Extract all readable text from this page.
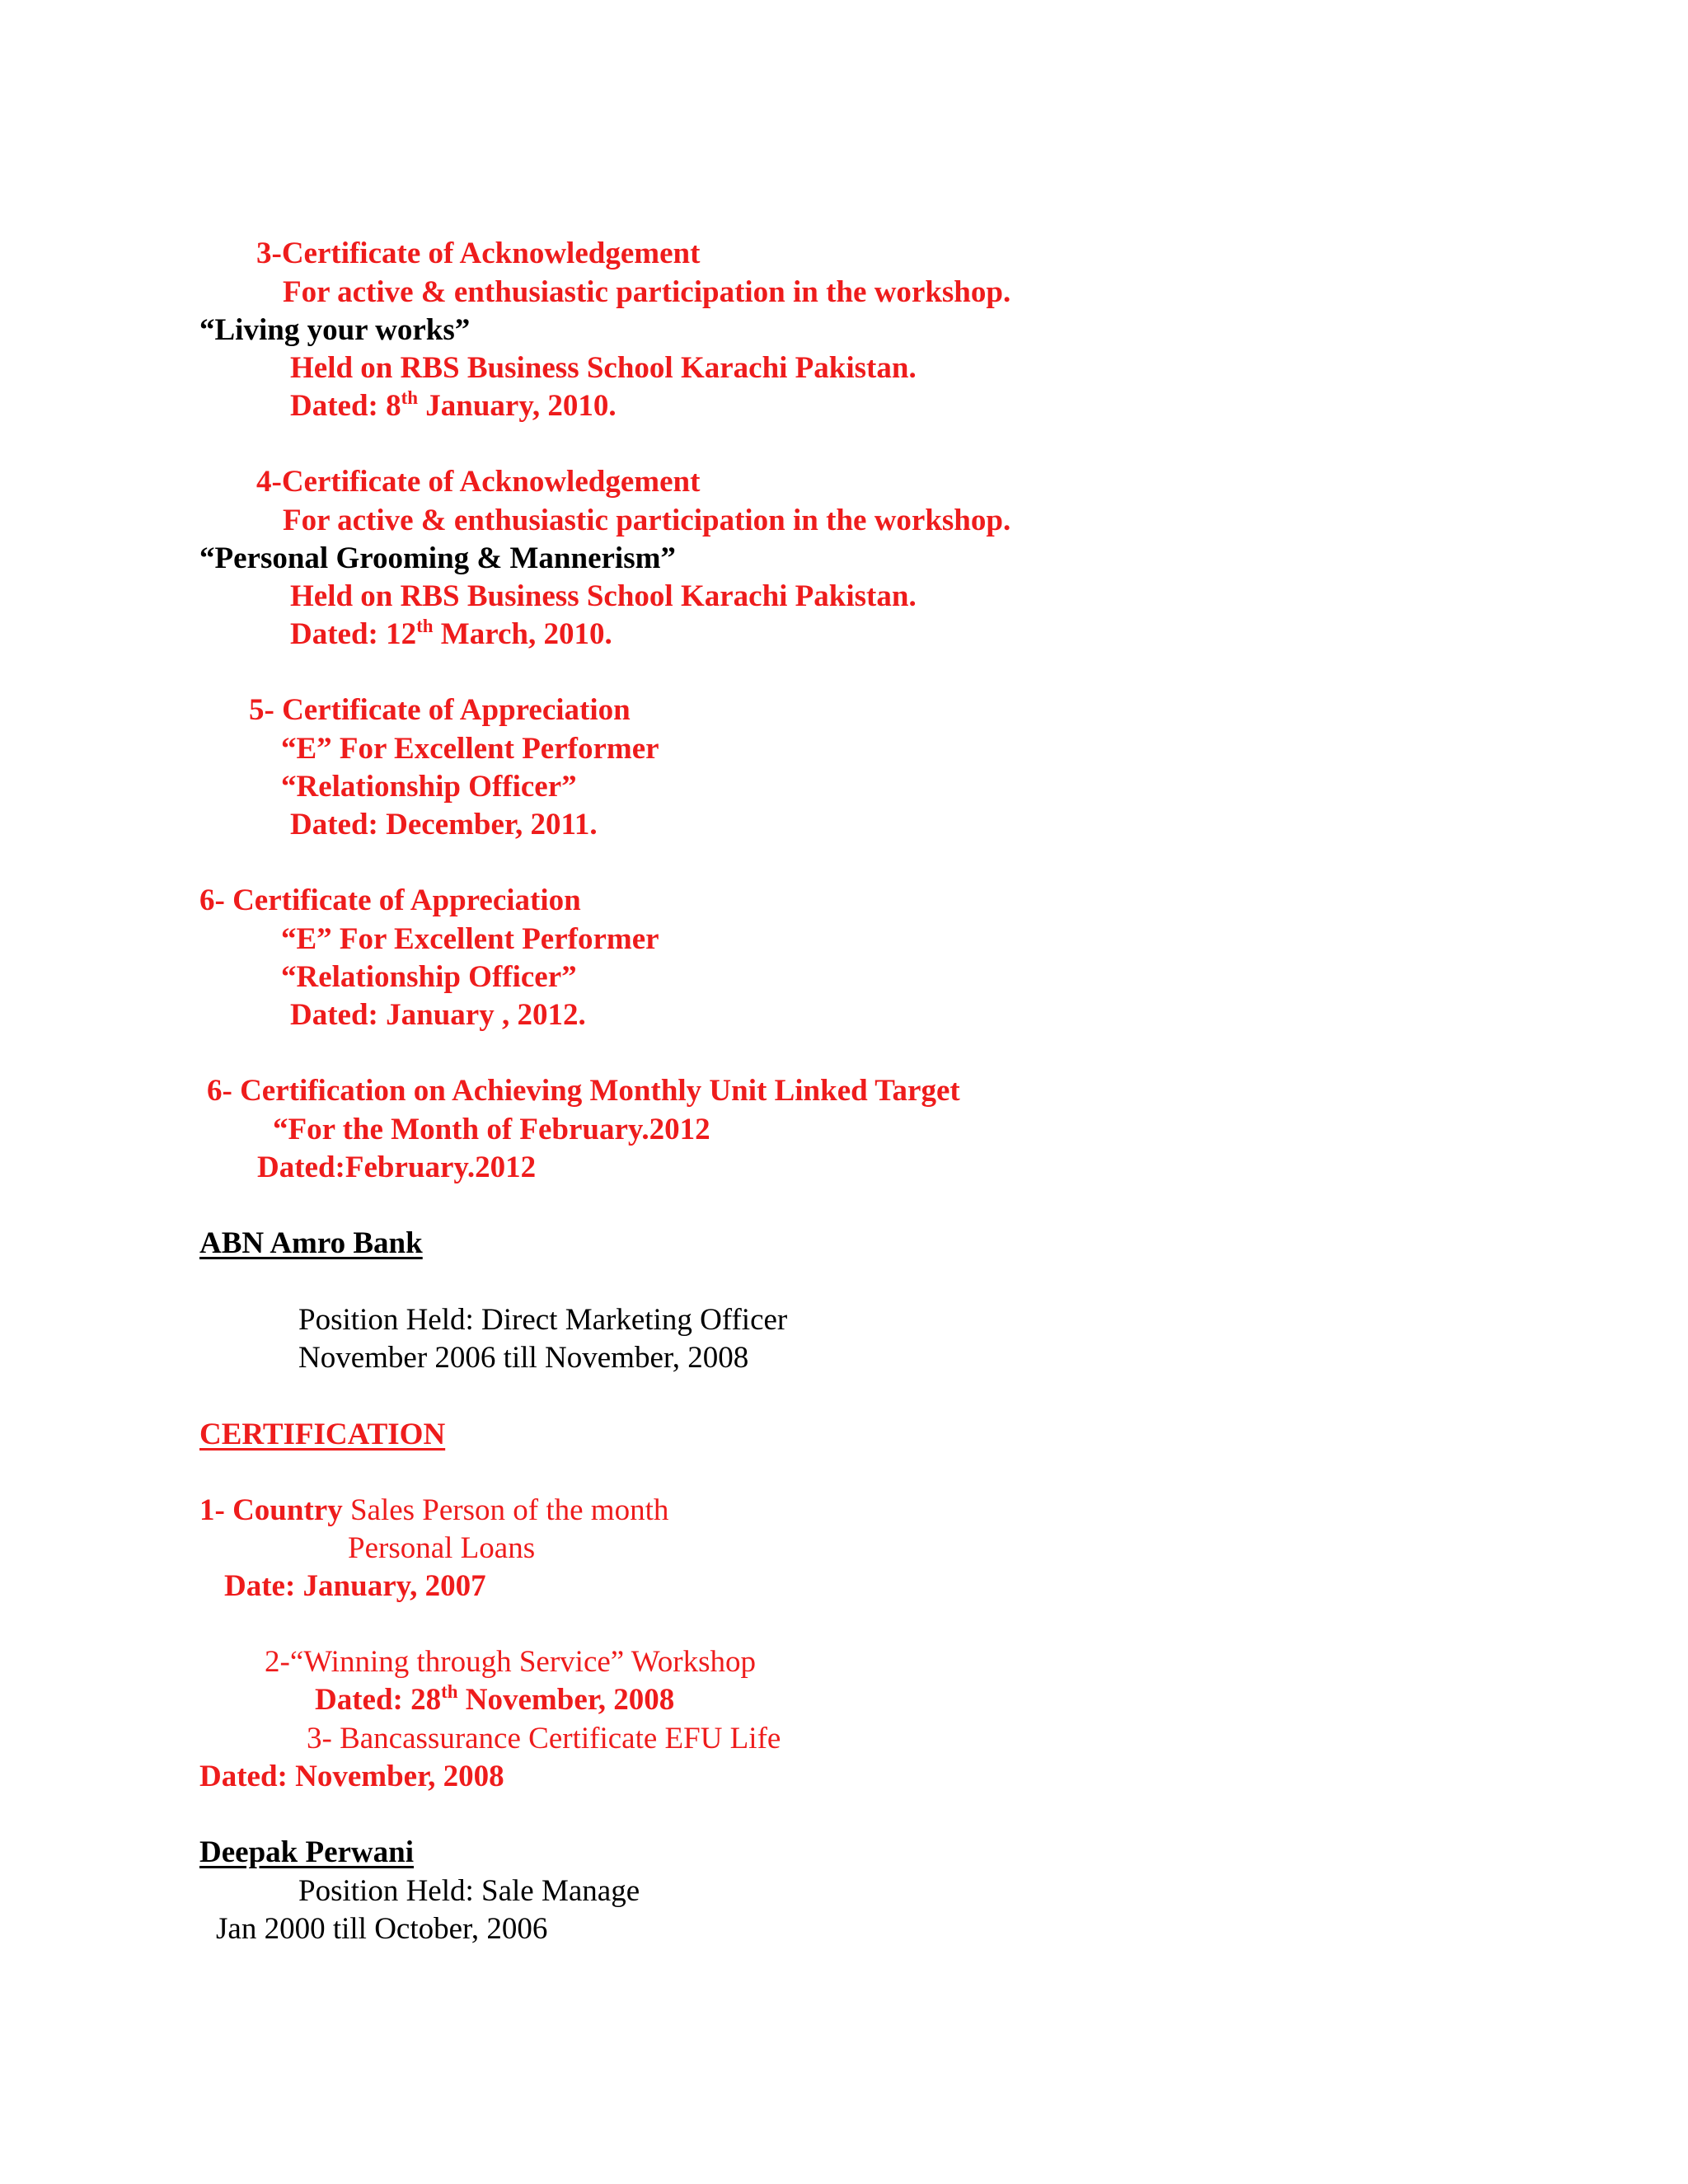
3-Certificate of Acknowledgement

For active & enthusiastic participation in the workshop.

“Living your works”

Held on RBS Business School Karachi Pakistan.

Dated: 8th January, 2010.

4-Certificate of Acknowledgement

For active & enthusiastic participation in the workshop.

“Personal Grooming & Mannerism”

Held on RBS Business School Karachi Pakistan.

Dated: 12th March, 2010.

5- Certificate of Appreciation

“E” For Excellent Performer

“Relationship Officer”

Dated: December, 2011.

6- Certificate of Appreciation

“E” For Excellent Performer

“Relationship Officer”

Dated: January , 2012.

6- Certification on Achieving Monthly Unit Linked Target

“For the Month of February.2012

Dated:February.2012

ABN Amro Bank

Position Held: Direct Marketing Officer

November 2006 till November, 2008

CERTIFICATION

1- Country Sales Person of the month

Personal Loans

Date: January, 2007

2-“Winning through Service” Workshop

Dated: 28th November, 2008

3- Bancassurance Certificate EFU Life

Dated: November, 2008

Deepak Perwani

Position Held: Sale Manage

Jan 2000 till October, 2006
